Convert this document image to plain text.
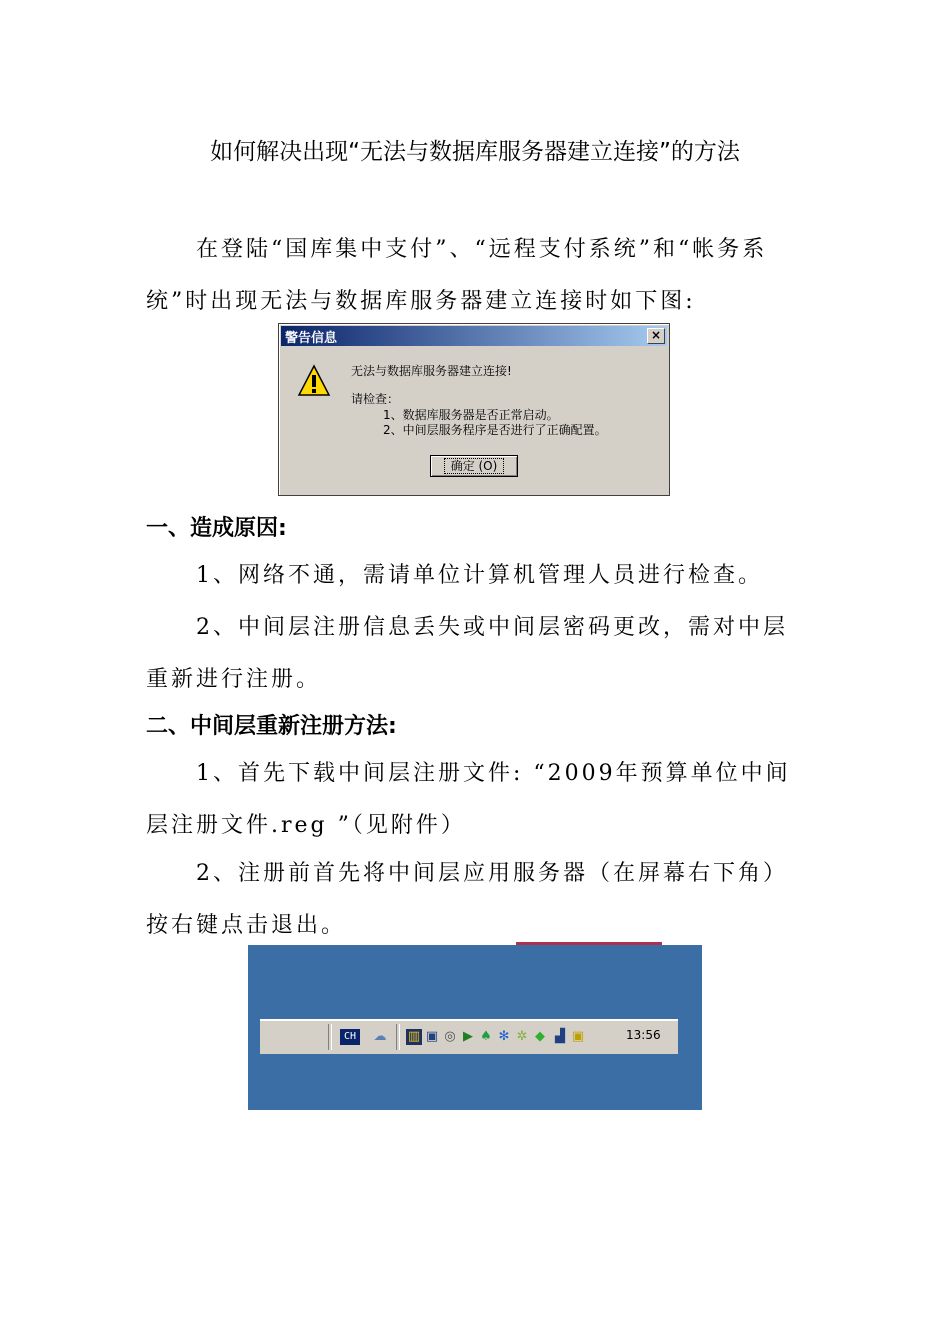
如何解决出现“无法与数据库服务器建立连接”的方法
在登陆“国库集中支付”、“远程支付系统”和“帐务系统”时出现无法与数据库服务器建立连接时如下图:
警告信息	×
无法与数据库服务器建立连接!
请检查：
1、数据库服务器是否正常启动。
2、中间层服务程序是否进行了正确配置。
确定 (O)
一、造成原因:
1、网络不通，需请单位计算机管理人员进行检查。
2、中间层注册信息丢失或中间层密码更改，需对中层重新进行注册。
二、中间层重新注册方法:
1、首先下载中间层注册文件: “2009年预算单位中间层注册文件.reg ”（见附件）
2、注册前首先将中间层应用服务器（在屏幕右下角）按右键点击退出。
CH	☁ ▥ ▣ ◎ ▶ ♠ ✻ ✲ ◆ ▟ ▣	13:56
